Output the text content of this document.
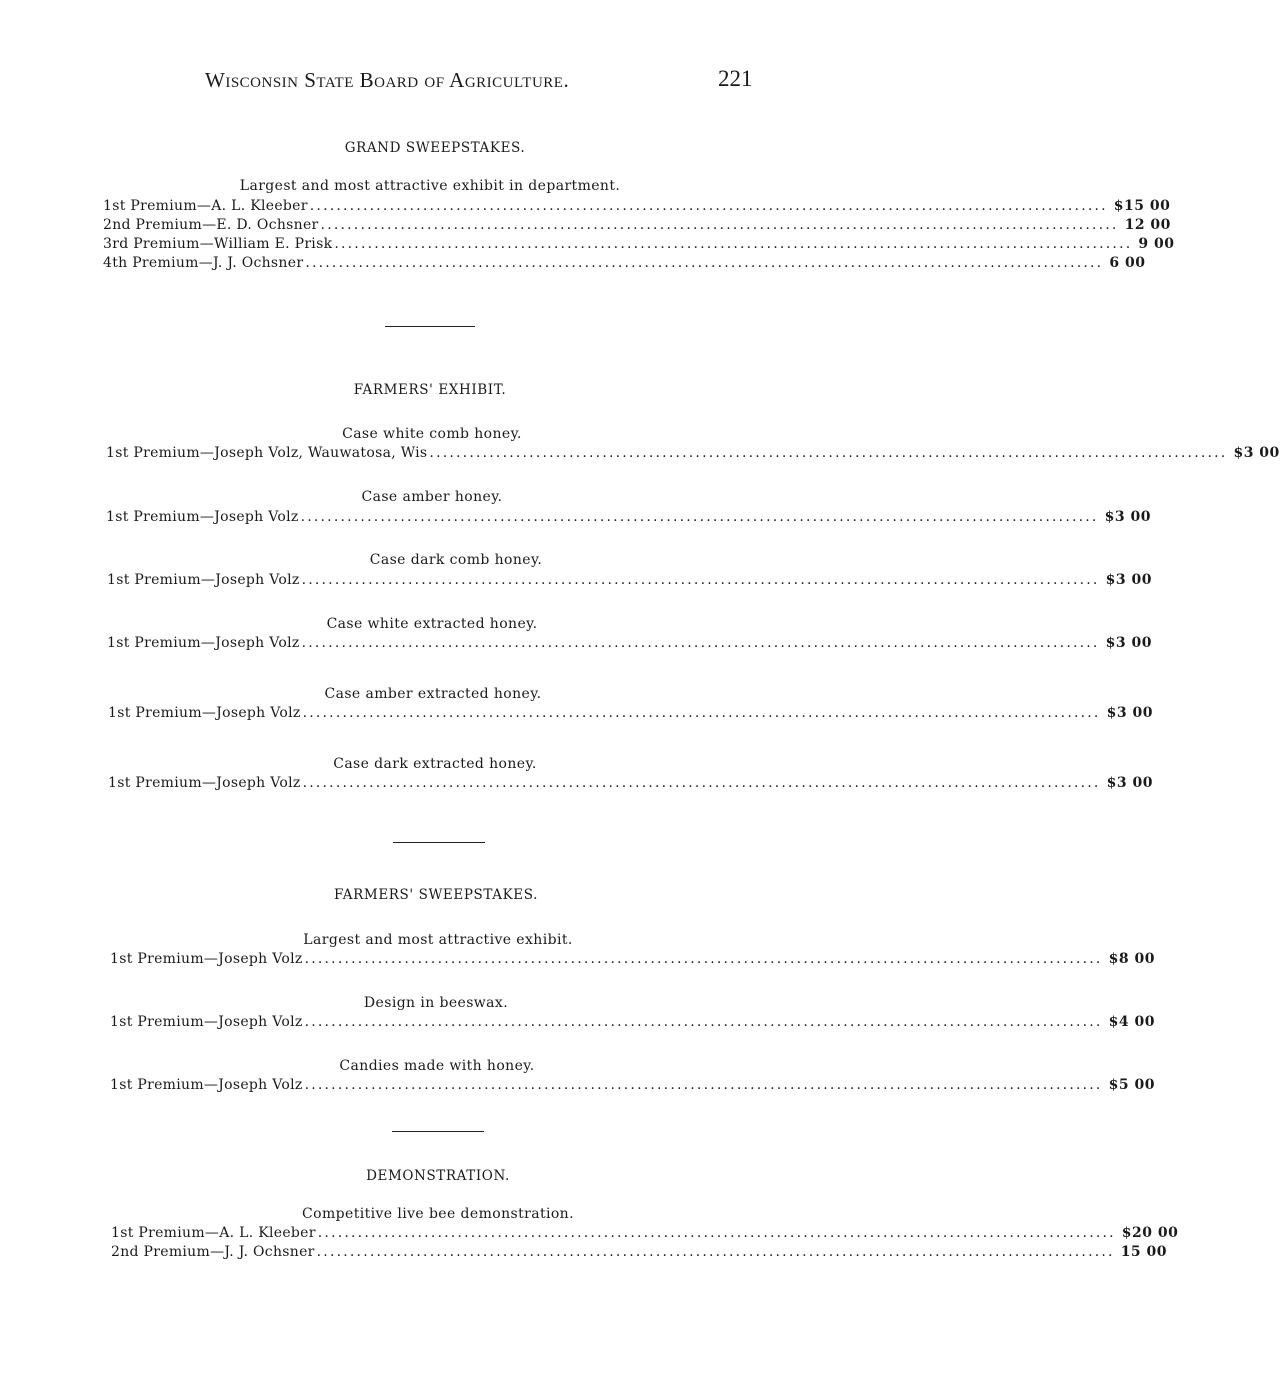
Wisconsin State Board of Agriculture.	221
GRAND SWEEPSTAKES.
Largest and most attractive exhibit in department.
1st Premium—A. L. Kleeber ........................................................................................................................ $15 00
2nd Premium—E. D. Ochsner ........................................................................................................................ 12 00
3rd Premium—William E. Prisk ........................................................................................................................ 9 00
4th Premium—J. J. Ochsner ........................................................................................................................ 6 00
FARMERS' EXHIBIT.
Case white comb honey.
1st Premium—Joseph Volz, Wauwatosa, Wis ........................................................................................................................ $3 00
Case amber honey.
1st Premium—Joseph Volz ........................................................................................................................ $3 00
Case dark comb honey.
1st Premium—Joseph Volz ........................................................................................................................ $3 00
Case white extracted honey.
1st Premium—Joseph Volz ........................................................................................................................ $3 00
Case amber extracted honey.
1st Premium—Joseph Volz ........................................................................................................................ $3 00
Case dark extracted honey.
1st Premium—Joseph Volz ........................................................................................................................ $3 00
FARMERS' SWEEPSTAKES.
Largest and most attractive exhibit.
1st Premium—Joseph Volz ........................................................................................................................ $8 00
Design in beeswax.
1st Premium—Joseph Volz ........................................................................................................................ $4 00
Candies made with honey.
1st Premium—Joseph Volz ........................................................................................................................ $5 00
DEMONSTRATION.
Competitive live bee demonstration.
1st Premium—A. L. Kleeber ........................................................................................................................ $20 00
2nd Premium—J. J. Ochsner ........................................................................................................................ 15 00
